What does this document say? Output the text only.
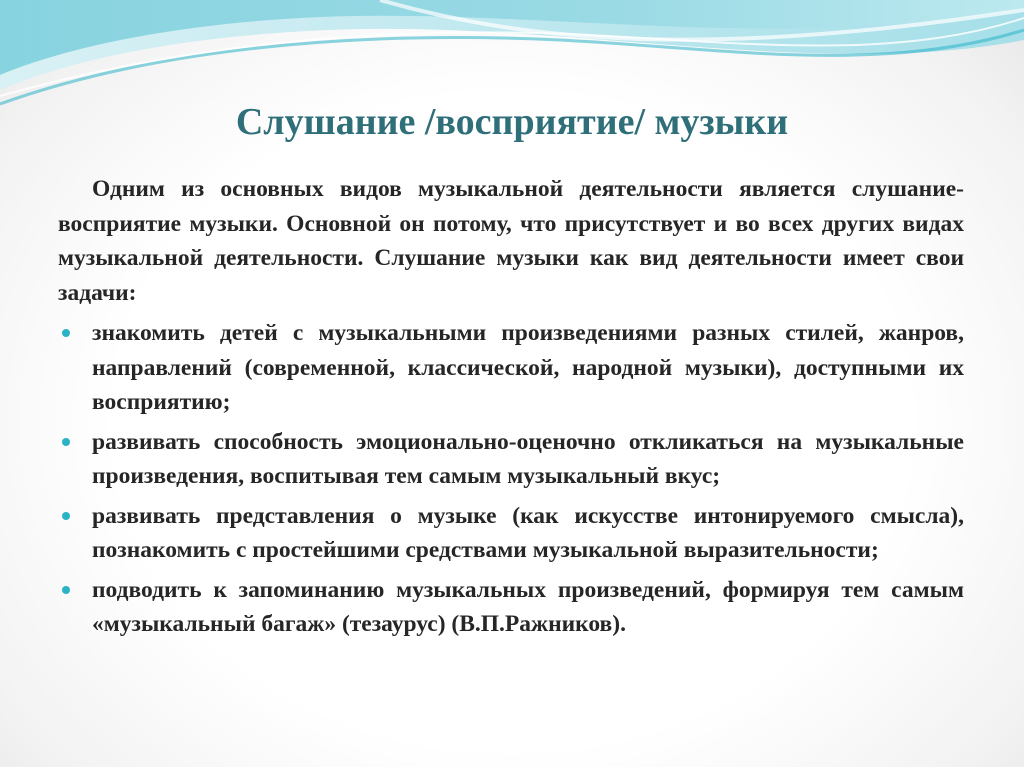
Слушание /восприятие/ музыки

Одним из основных видов музыкальной деятельности является слушание-восприятие музыки. Основной он потому, что присутствует и во всех других видах музыкальной деятельности. Слушание музыки как вид деятельности имеет свои задачи:

знакомить детей с музыкальными произведениями разных стилей, жанров, направлений (современной, классической, народной музыки), доступными их восприятию;
развивать способность эмоционально-оценочно откликаться на музыкальные произведения, воспитывая тем самым музыкальный вкус;
развивать представления о музыке (как искусстве интонируемого смысла), познакомить с простейшими средствами музыкальной выразительности;
подводить к запоминанию музыкальных произведений, формируя тем самым «музыкальный багаж» (тезаурус) (В.П.Ражников).
